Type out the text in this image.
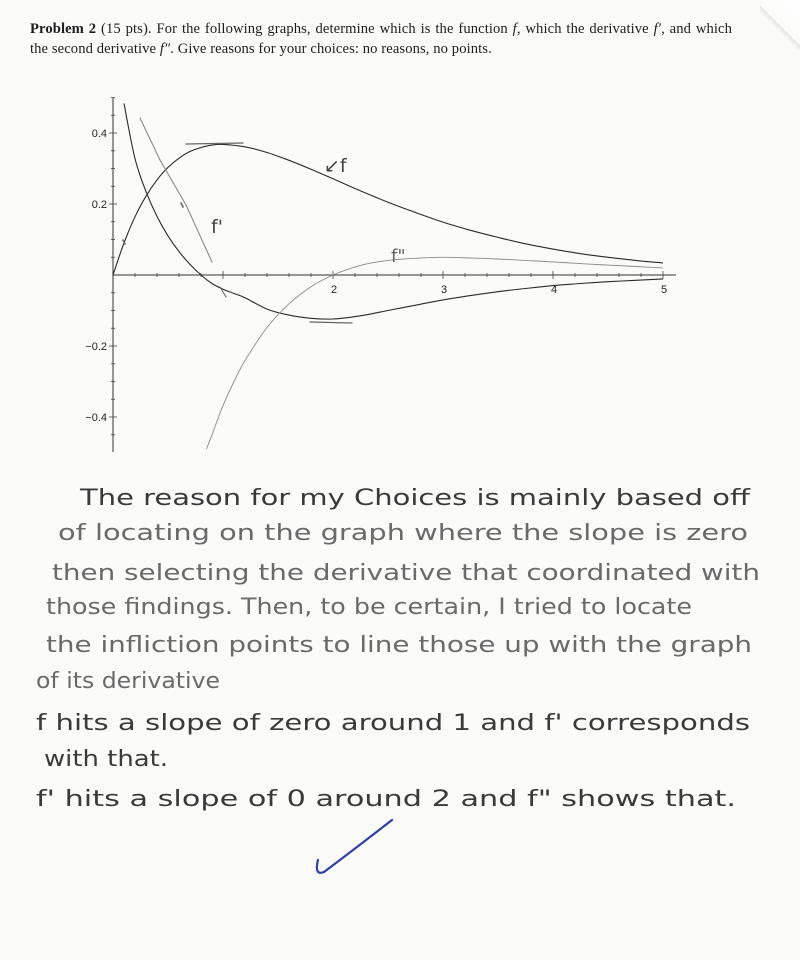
Problem 2 (15 pts). For the following graphs, determine which is the function f, which the derivative f′, and which the second derivative f″. Give reasons for your choices: no reasons, no points.
0.4
0.2
−0.2
−0.4
2	3	4	5
↙f
f'
f"
The reason for my Choices is mainly based off
of locating on the graph where the slope is zero
then selecting the derivative that coordinated with
those findings. Then, to be certain, I tried to locate
the infliction points to line those up with the graph
of its derivative
f hits a slope of zero around 1 and f' corresponds
with that.
f' hits a slope of 0 around 2 and f" shows that.
